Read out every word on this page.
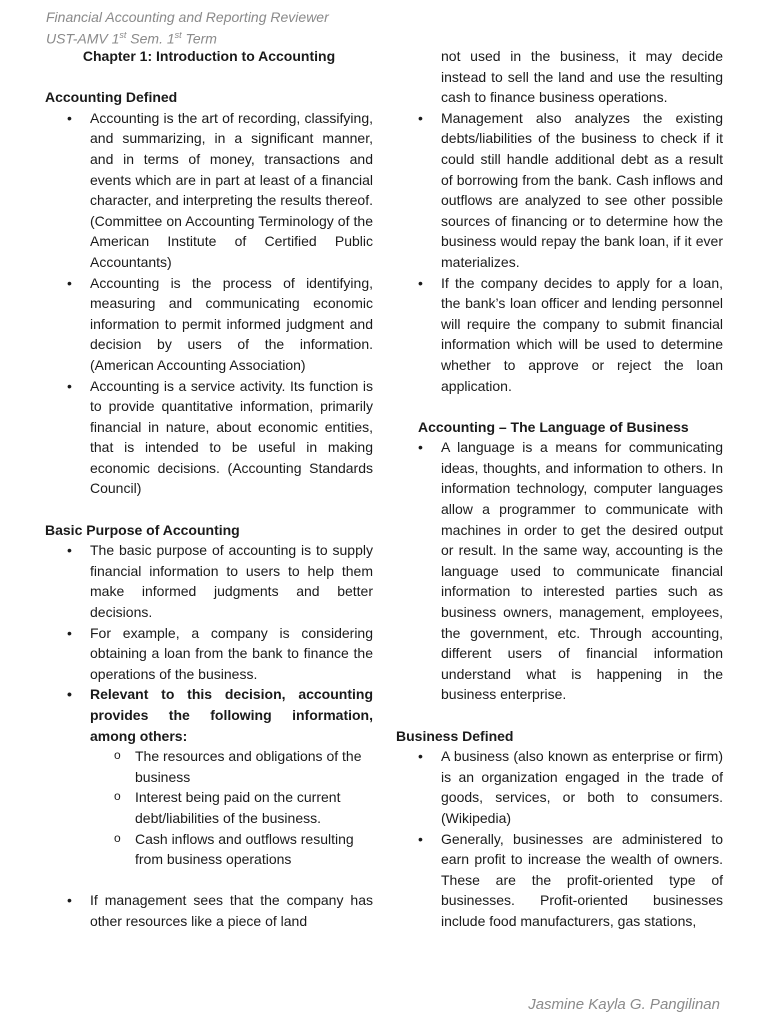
Financial Accounting and Reporting Reviewer
UST-AMV 1st Sem. 1st Term
Chapter 1: Introduction to Accounting
Accounting Defined
• Accounting is the art of recording, classifying, and summarizing, in a significant manner, and in terms of money, transactions and events which are in part at least of a financial character, and interpreting the results thereof. (Committee on Accounting Terminology of the American Institute of Certified Public Accountants)
• Accounting is the process of identifying, measuring and communicating economic information to permit informed judgment and decision by users of the information. (American Accounting Association)
• Accounting is a service activity. Its function is to provide quantitative information, primarily financial in nature, about economic entities, that is intended to be useful in making economic decisions. (Accounting Standards Council)
Basic Purpose of Accounting
• The basic purpose of accounting is to supply financial information to users to help them make informed judgments and better decisions.
• For example, a company is considering obtaining a loan from the bank to finance the operations of the business.
• Relevant to this decision, accounting provides the following information, among others:
o The resources and obligations of the business
o Interest being paid on the current debt/liabilities of the business.
o Cash inflows and outflows resulting from business operations
• If management sees that the company has other resources like a piece of land
not used in the business, it may decide instead to sell the land and use the resulting cash to finance business operations.
• Management also analyzes the existing debts/liabilities of the business to check if it could still handle additional debt as a result of borrowing from the bank. Cash inflows and outflows are analyzed to see other possible sources of financing or to determine how the business would repay the bank loan, if it ever materializes.
• If the company decides to apply for a loan, the bank’s loan officer and lending personnel will require the company to submit financial information which will be used to determine whether to approve or reject the loan application.
Accounting – The Language of Business
• A language is a means for communicating ideas, thoughts, and information to others. In information technology, computer languages allow a programmer to communicate with machines in order to get the desired output or result. In the same way, accounting is the language used to communicate financial information to interested parties such as business owners, management, employees, the government, etc. Through accounting, different users of financial information understand what is happening in the business enterprise.
Business Defined
• A business (also known as enterprise or firm) is an organization engaged in the trade of goods, services, or both to consumers. (Wikipedia)
• Generally, businesses are administered to earn profit to increase the wealth of owners. These are the profit-oriented type of businesses. Profit-oriented businesses include food manufacturers, gas stations,
Jasmine Kayla G. Pangilinan
